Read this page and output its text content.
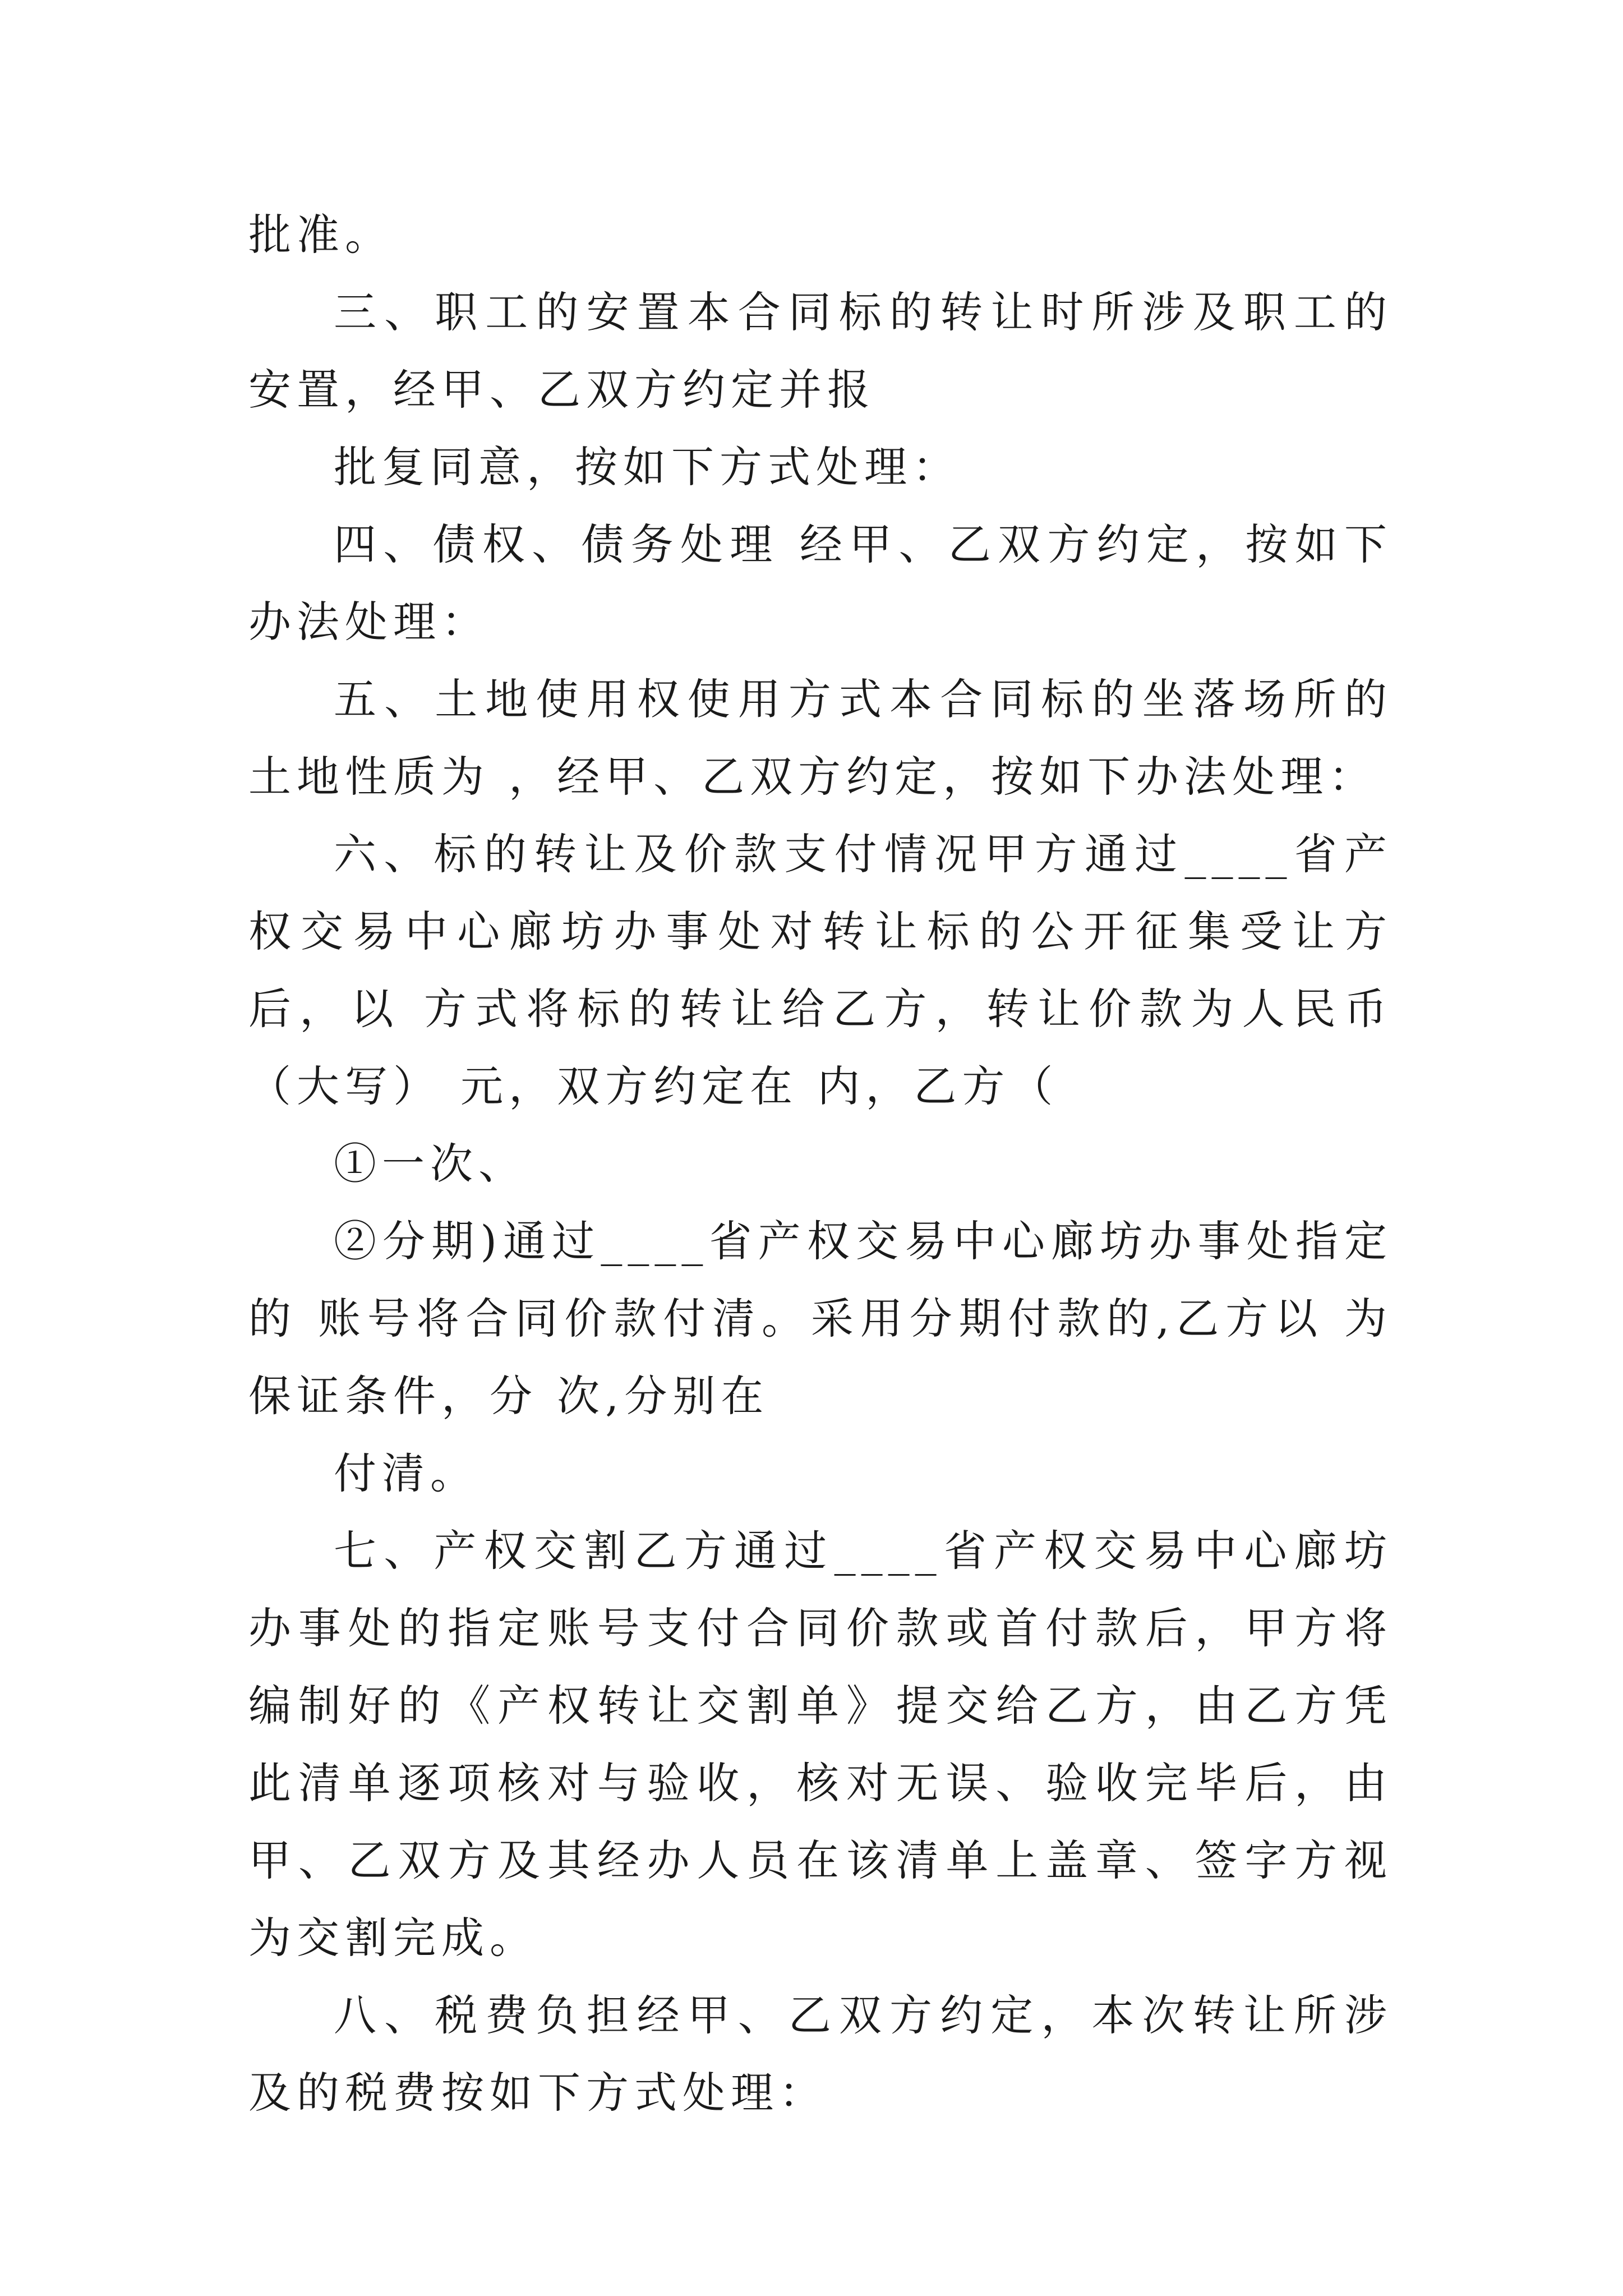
批准。

三、职工的安置本合同标的转让时所涉及职工的安置，经甲、乙双方约定并报

批复同意，按如下方式处理：

四、债权、债务处理 经甲、乙双方约定，按如下办法处理：

五、土地使用权使用方式本合同标的坐落场所的土地性质为 ，经甲、乙双方约定，按如下办法处理：

六、标的转让及价款支付情况甲方通过____省产权交易中心廊坊办事处对转让标的公开征集受让方后，以 方式将标的转让给乙方，转让价款为人民币（大写） 元，双方约定在 内，乙方（

①一次、

②分期)通过____省产权交易中心廊坊办事处指定的 账号将合同价款付清。采用分期付款的,乙方以 为保证条件，分 次,分别在

付清。

七、产权交割乙方通过____省产权交易中心廊坊办事处的指定账号支付合同价款或首付款后，甲方将编制好的《产权转让交割单》提交给乙方，由乙方凭此清单逐项核对与验收，核对无误、验收完毕后，由甲、乙双方及其经办人员在该清单上盖章、签字方视为交割完成。

八、税费负担经甲、乙双方约定，本次转让所涉及的税费按如下方式处理：
